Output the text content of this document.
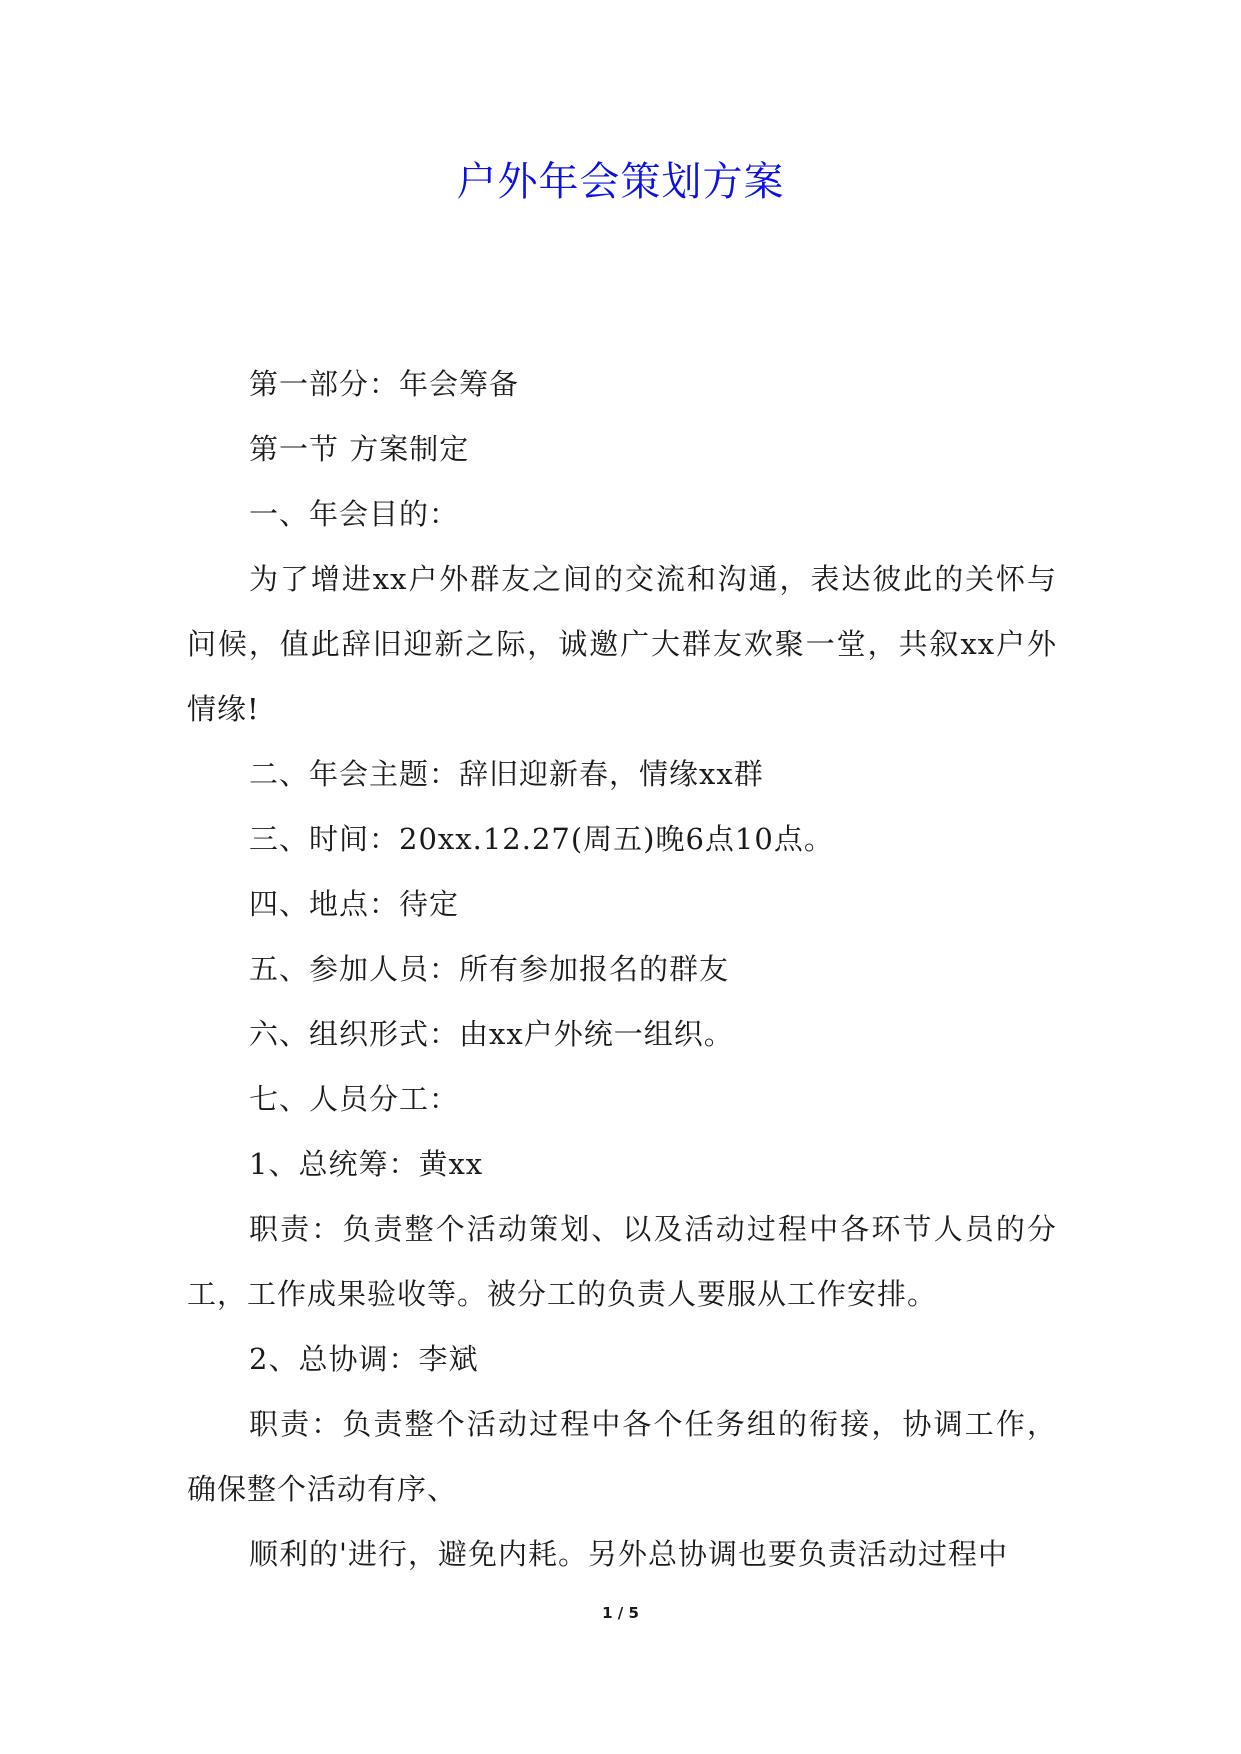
户外年会策划方案

第一部分：年会筹备

第一节 方案制定

一、年会目的：

为了增进xx户外群友之间的交流和沟通，表达彼此的关怀与问候，值此辞旧迎新之际，诚邀广大群友欢聚一堂，共叙xx户外情缘!

二、年会主题：辞旧迎新春，情缘xx群

三、时间：20xx.12.27(周五)晚6点10点。

四、地点：待定

五、参加人员：所有参加报名的群友

六、组织形式：由xx户外统一组织。

七、人员分工：

1、总统筹：黄xx

职责：负责整个活动策划、以及活动过程中各环节人员的分工，工作成果验收等。被分工的负责人要服从工作安排。

2、总协调：李斌

职责：负责整个活动过程中各个任务组的衔接，协调工作，确保整个活动有序、

顺利的'进行，避免内耗。另外总协调也要负责活动过程中

1 / 5
